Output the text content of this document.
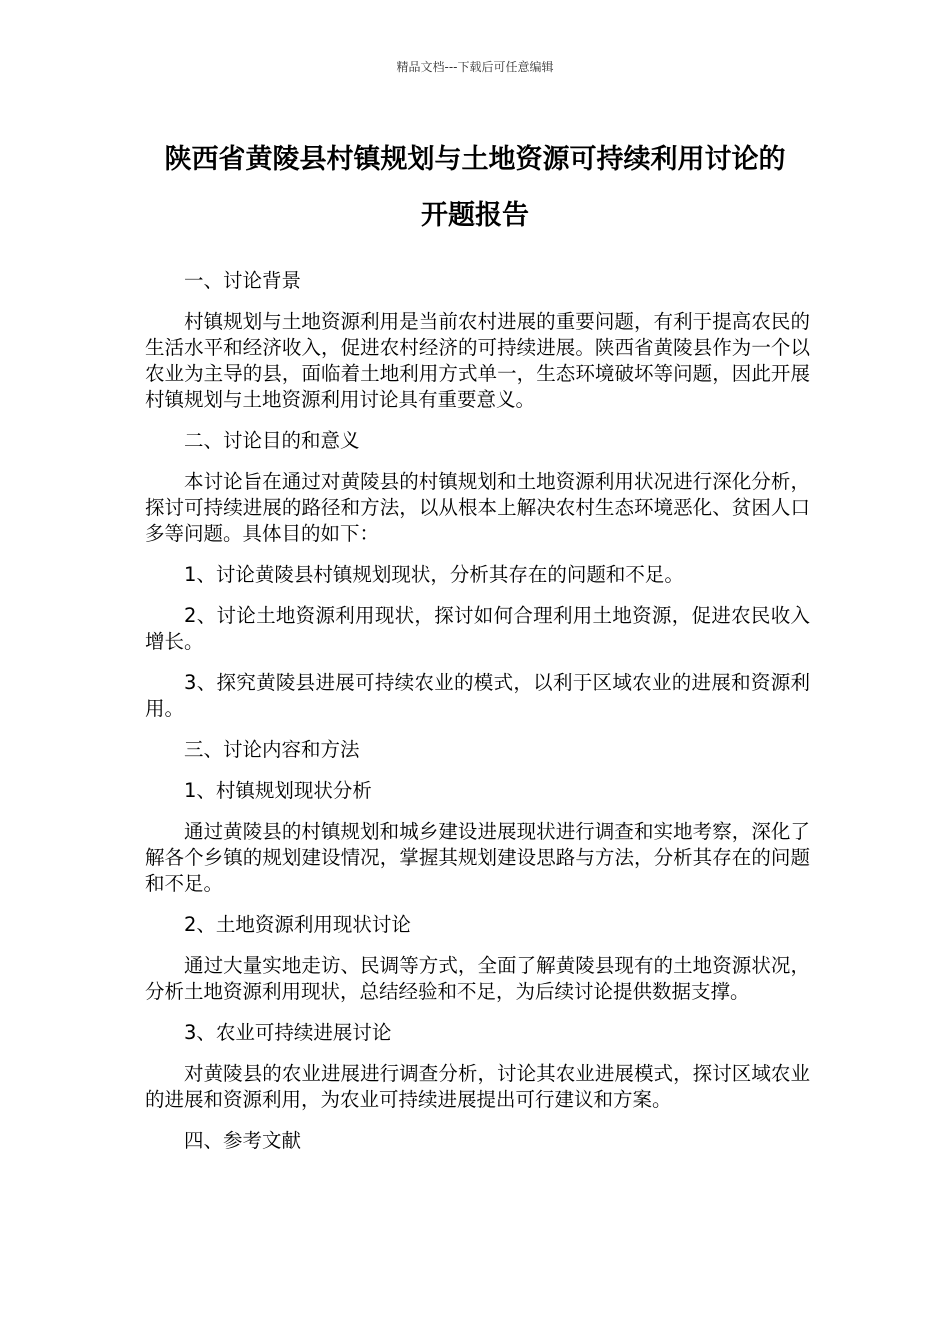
精品文档---下载后可任意编辑
陕西省黄陵县村镇规划与土地资源可持续利用讨论的
开题报告

一、讨论背景

村镇规划与土地资源利用是当前农村进展的重要问题，有利于提高农民的生活水平和经济收入，促进农村经济的可持续进展。陕西省黄陵县作为一个以农业为主导的县，面临着土地利用方式单一，生态环境破坏等问题，因此开展村镇规划与土地资源利用讨论具有重要意义。

二、讨论目的和意义

本讨论旨在通过对黄陵县的村镇规划和土地资源利用状况进行深化分析，探讨可持续进展的路径和方法，以从根本上解决农村生态环境恶化、贫困人口多等问题。具体目的如下：

1、讨论黄陵县村镇规划现状，分析其存在的问题和不足。

2、讨论土地资源利用现状，探讨如何合理利用土地资源，促进农民收入增长。

3、探究黄陵县进展可持续农业的模式，以利于区域农业的进展和资源利用。

三、讨论内容和方法

1、村镇规划现状分析

通过黄陵县的村镇规划和城乡建设进展现状进行调查和实地考察，深化了解各个乡镇的规划建设情况，掌握其规划建设思路与方法，分析其存在的问题和不足。

2、土地资源利用现状讨论

通过大量实地走访、民调等方式，全面了解黄陵县现有的土地资源状况，分析土地资源利用现状，总结经验和不足，为后续讨论提供数据支撑。

3、农业可持续进展讨论

对黄陵县的农业进展进行调查分析，讨论其农业进展模式，探讨区域农业的进展和资源利用，为农业可持续进展提出可行建议和方案。

四、参考文献
